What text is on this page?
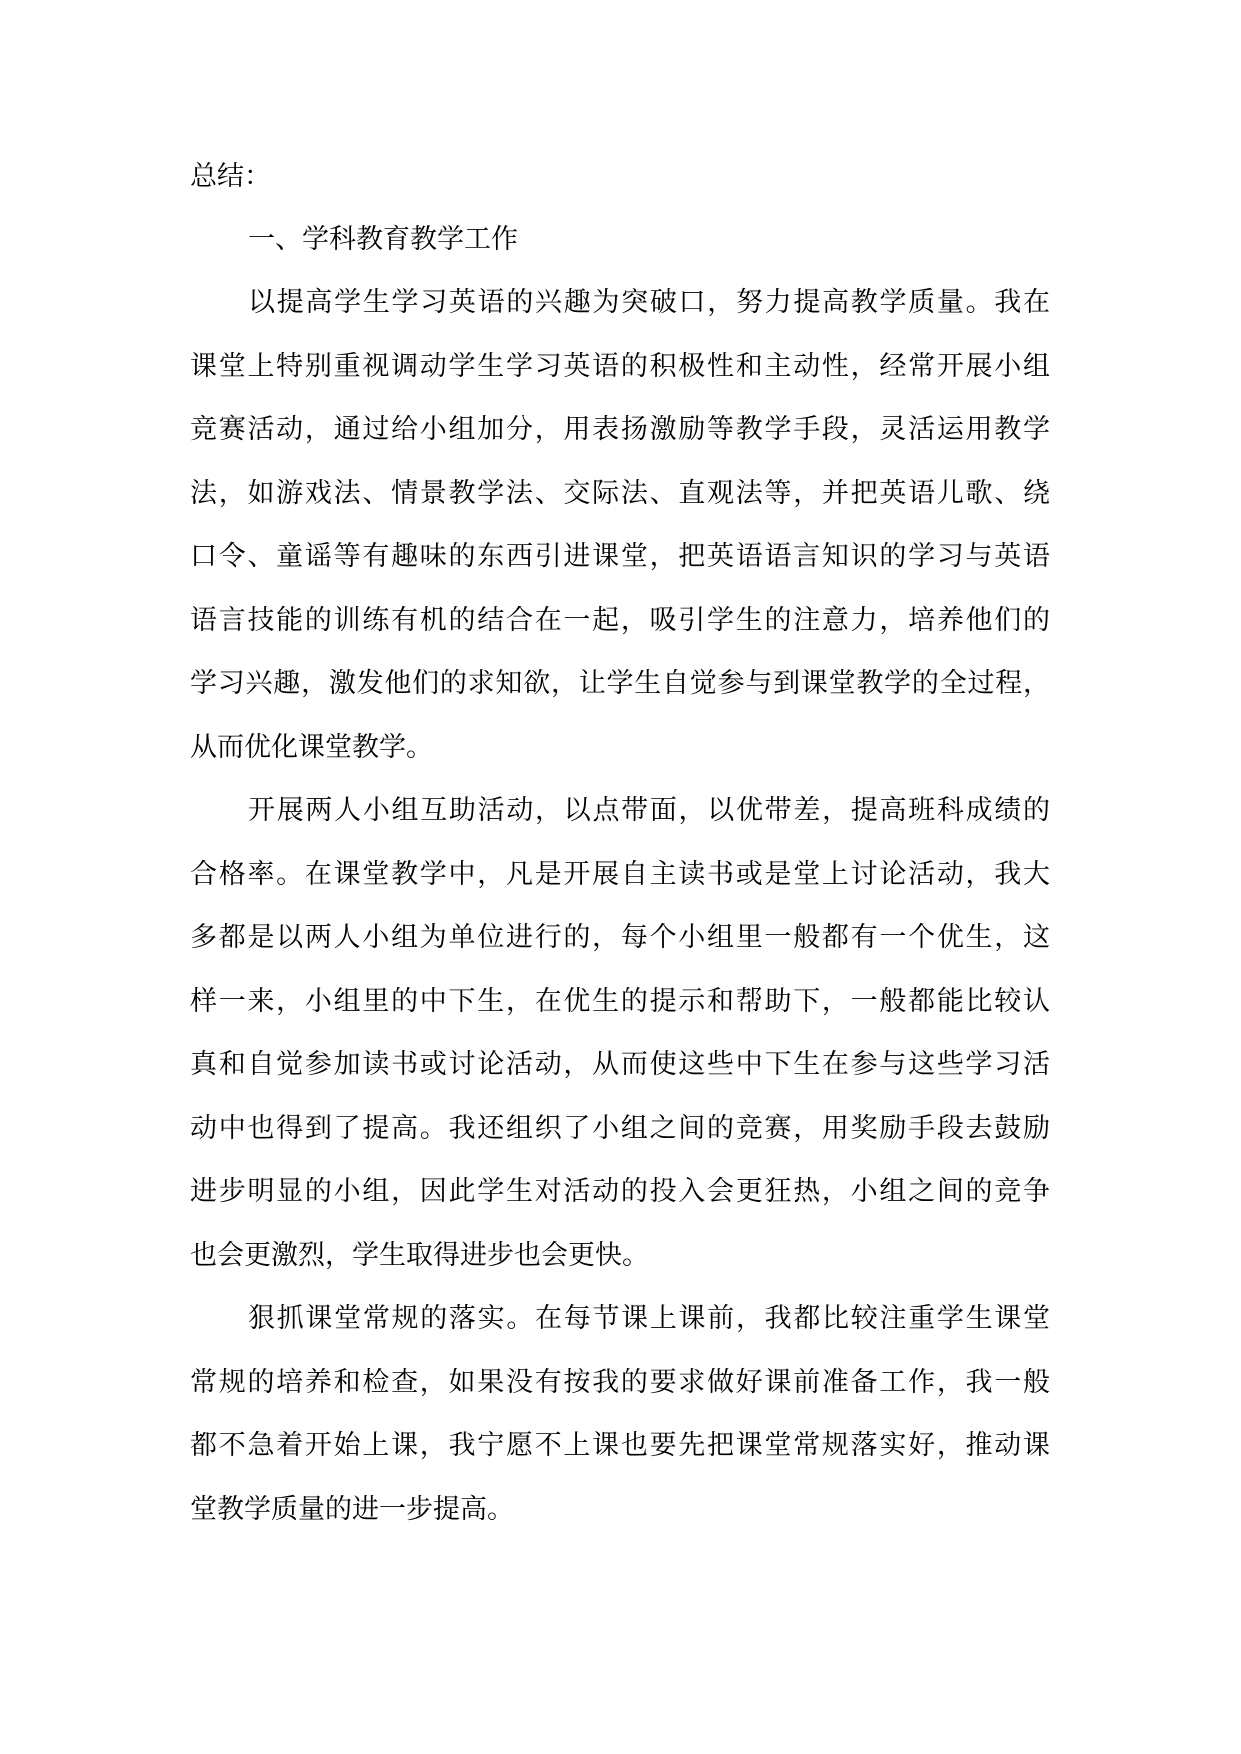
总结：
一、学科教育教学工作
以提高学生学习英语的兴趣为突破口，努力提高教学质量。我在
课堂上特别重视调动学生学习英语的积极性和主动性，经常开展小组
竞赛活动，通过给小组加分，用表扬激励等教学手段，灵活运用教学
法，如游戏法、情景教学法、交际法、直观法等，并把英语儿歌、绕
口令、童谣等有趣味的东西引进课堂，把英语语言知识的学习与英语
语言技能的训练有机的结合在一起，吸引学生的注意力，培养他们的
学习兴趣，激发他们的求知欲，让学生自觉参与到课堂教学的全过程，
从而优化课堂教学。
开展两人小组互助活动，以点带面，以优带差，提高班科成绩的
合格率。在课堂教学中，凡是开展自主读书或是堂上讨论活动，我大
多都是以两人小组为单位进行的，每个小组里一般都有一个优生，这
样一来，小组里的中下生，在优生的提示和帮助下，一般都能比较认
真和自觉参加读书或讨论活动，从而使这些中下生在参与这些学习活
动中也得到了提高。我还组织了小组之间的竞赛，用奖励手段去鼓励
进步明显的小组，因此学生对活动的投入会更狂热，小组之间的竞争
也会更激烈，学生取得进步也会更快。
狠抓课堂常规的落实。在每节课上课前，我都比较注重学生课堂
常规的培养和检查，如果没有按我的要求做好课前准备工作，我一般
都不急着开始上课，我宁愿不上课也要先把课堂常规落实好，推动课
堂教学质量的进一步提高。
